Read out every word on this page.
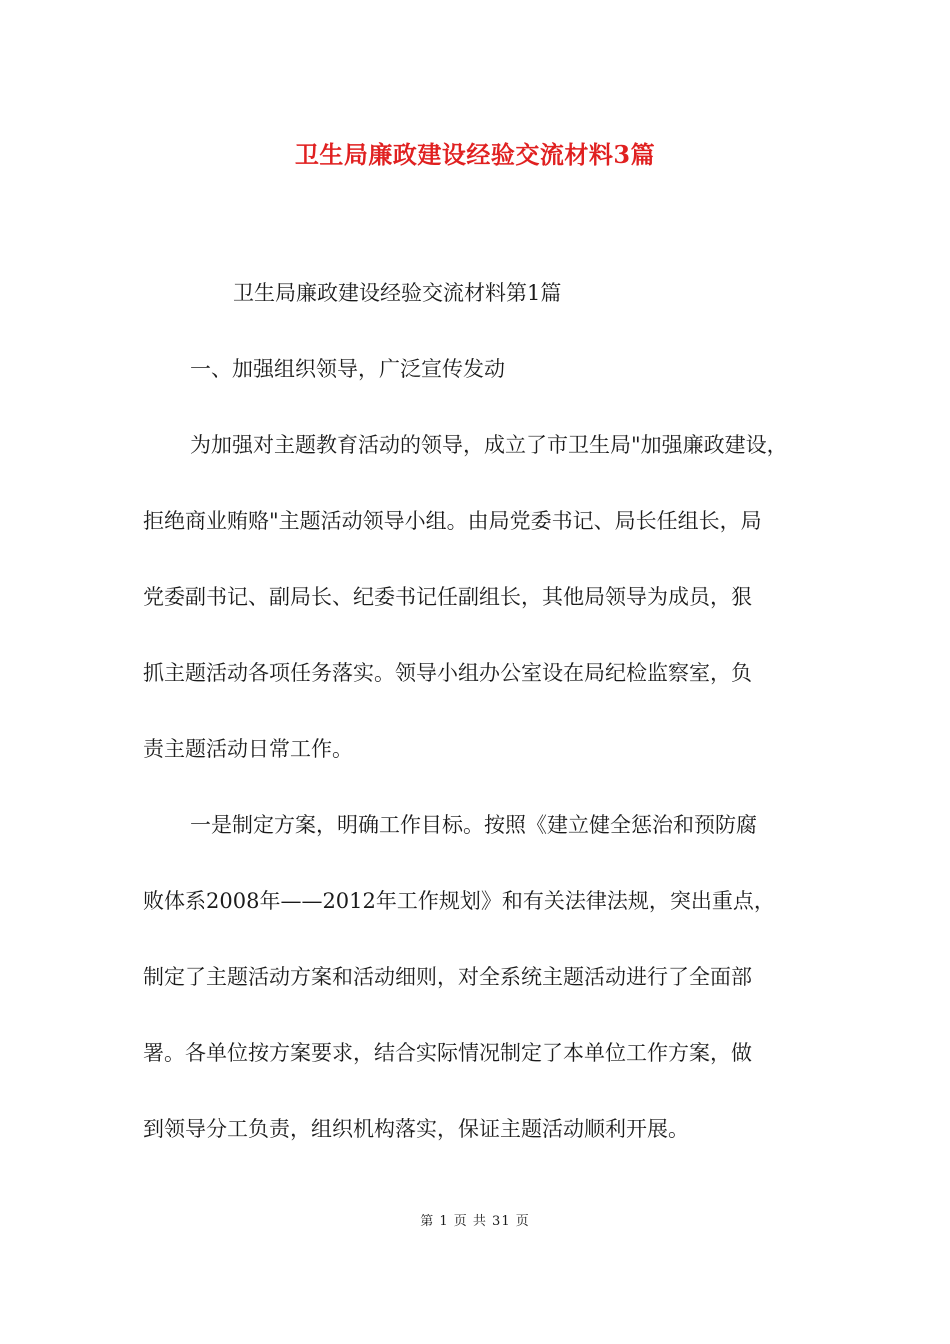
卫生局廉政建设经验交流材料3篇
卫生局廉政建设经验交流材料第1篇
一、加强组织领导，广泛宣传发动
为加强对主题教育活动的领导，成立了市卫生局"加强廉政建设，
拒绝商业贿赂"主题活动领导小组。由局党委书记、局长任组长，局
党委副书记、副局长、纪委书记任副组长，其他局领导为成员，狠
抓主题活动各项任务落实。领导小组办公室设在局纪检监察室，负
责主题活动日常工作。
一是制定方案，明确工作目标。按照《建立健全惩治和预防腐
败体系2008年——2012年工作规划》和有关法律法规，突出重点，
制定了主题活动方案和活动细则，对全系统主题活动进行了全面部
署。各单位按方案要求，结合实际情况制定了本单位工作方案，做
到领导分工负责，组织机构落实，保证主题活动顺利开展。
第 1 页 共 31 页
